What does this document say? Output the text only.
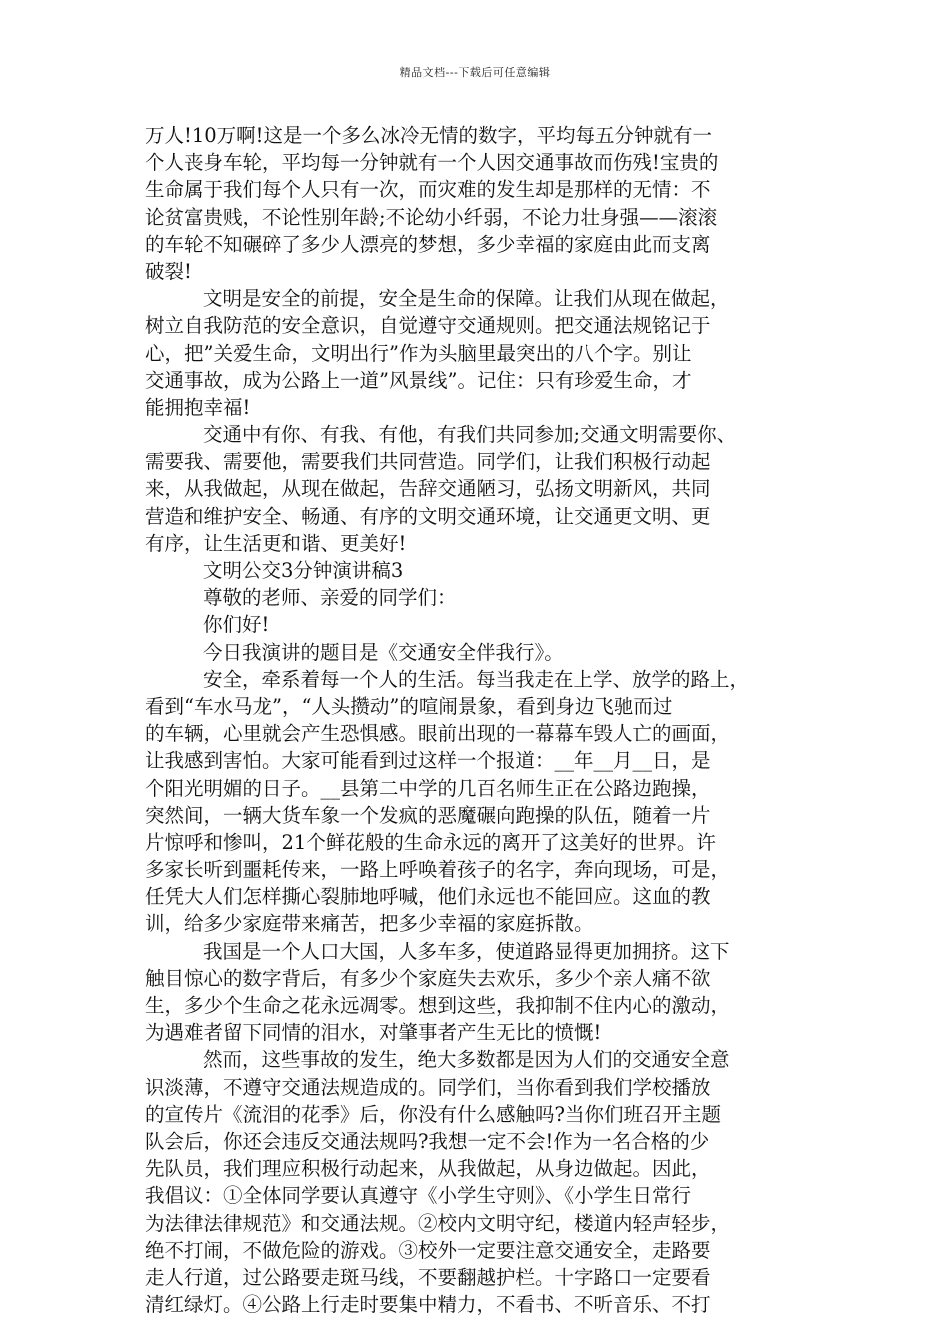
精品文档---下载后可任意编辑
万人!10万啊!这是一个多么冰冷无情的数字，平均每五分钟就有一
个人丧身车轮，平均每一分钟就有一个人因交通事故而伤残!宝贵的
生命属于我们每个人只有一次，而灾难的发生却是那样的无情：不
论贫富贵贱，不论性别年龄;不论幼小纤弱，不论力壮身强——滚滚
的车轮不知碾碎了多少人漂亮的梦想，多少幸福的家庭由此而支离
破裂!
文明是安全的前提，安全是生命的保障。让我们从现在做起，
树立自我防范的安全意识，自觉遵守交通规则。把交通法规铭记于
心，把”关爱生命，文明出行”作为头脑里最突出的八个字。别让
交通事故，成为公路上一道”风景线”。记住：只有珍爱生命，才
能拥抱幸福!
交通中有你、有我、有他，有我们共同参加;交通文明需要你、
需要我、需要他，需要我们共同营造。同学们，让我们积极行动起
来，从我做起，从现在做起，告辞交通陋习，弘扬文明新风，共同
营造和维护安全、畅通、有序的文明交通环境，让交通更文明、更
有序，让生活更和谐、更美好!
文明公交3分钟演讲稿3
尊敬的老师、亲爱的同学们：
你们好!
今日我演讲的题目是《交通安全伴我行》。
安全，牵系着每一个人的生活。每当我走在上学、放学的路上，
看到“车水马龙”，“人头攒动”的喧闹景象，看到身边飞驰而过
的车辆，心里就会产生恐惧感。眼前出现的一幕幕车毁人亡的画面，
让我感到害怕。大家可能看到过这样一个报道：__年__月__日，是
个阳光明媚的日子。__县第二中学的几百名师生正在公路边跑操，
突然间，一辆大货车象一个发疯的恶魔碾向跑操的队伍，随着一片
片惊呼和惨叫，21个鲜花般的生命永远的离开了这美好的世界。许
多家长听到噩耗传来，一路上呼唤着孩子的名字，奔向现场，可是，
任凭大人们怎样撕心裂肺地呼喊，他们永远也不能回应。这血的教
训，给多少家庭带来痛苦，把多少幸福的家庭拆散。
我国是一个人口大国，人多车多，使道路显得更加拥挤。这下
触目惊心的数字背后，有多少个家庭失去欢乐，多少个亲人痛不欲
生，多少个生命之花永远凋零。想到这些，我抑制不住内心的激动，
为遇难者留下同情的泪水，对肇事者产生无比的愤慨!
然而，这些事故的发生，绝大多数都是因为人们的交通安全意
识淡薄，不遵守交通法规造成的。同学们，当你看到我们学校播放
的宣传片《流泪的花季》后，你没有什么感触吗?当你们班召开主题
队会后，你还会违反交通法规吗?我想一定不会!作为一名合格的少
先队员，我们理应积极行动起来，从我做起，从身边做起。因此，
我倡议：①全体同学要认真遵守《小学生守则》、《小学生日常行
为法律法律规范》和交通法规。②校内文明守纪，楼道内轻声轻步，
绝不打闹，不做危险的游戏。③校外一定要注意交通安全，走路要
走人行道，过公路要走斑马线，不要翻越护栏。十字路口一定要看
清红绿灯。④公路上行走时要集中精力，不看书、不听音乐、不打
